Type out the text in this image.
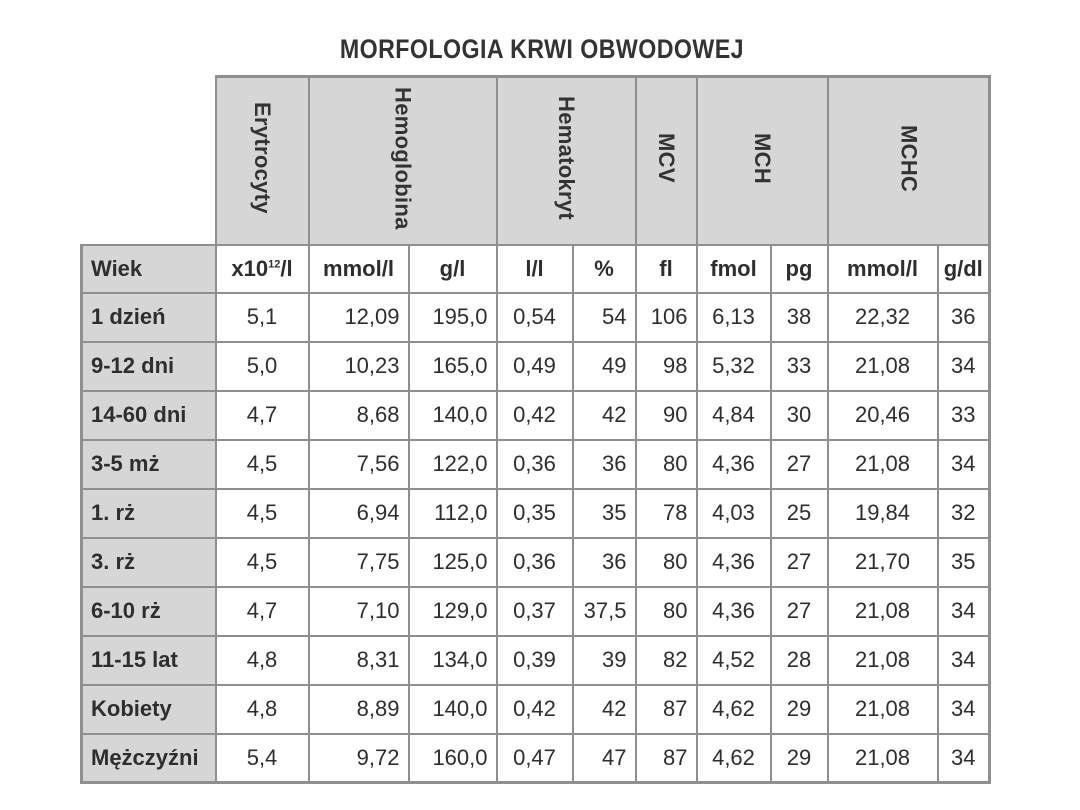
MORFOLOGIA KRWI OBWODOWEJ
	Erytrocyty	Hemoglobina		Hematokryt		MCV	MCH		MCHC	
Wiek	$x10^{12}/l$	mmol/l	g/l	l/l	%	fl	fmol	pg	mmol/l	g/dl
1 dzień	5,1	12,09	195,0	0,54	54	106	6,13	38	22,32	36
9-12 dni	5,0	10,23	165,0	0,49	49	98	5,32	33	21,08	34
14-60 dni	4,7	8,68	140,0	0,42	42	90	4,84	30	20,46	33
3-5 mż	4,5	7,56	122,0	0,36	36	80	4,36	27	21,08	34
1. rż	4,5	6,94	112,0	0,35	35	78	4,03	25	19,84	32
3. rż	4,5	7,75	125,0	0,36	36	80	4,36	27	21,70	35
6-10 rż	4,7	7,10	129,0	0,37	37,5	80	4,36	27	21,08	34
11-15 lat	4,8	8,31	134,0	0,39	39	82	4,52	28	21,08	34
Kobiety	4,8	8,89	140,0	0,42	42	87	4,62	29	21,08	34
Mężczyźni	5,4	9,72	160,0	0,47	47	87	4,62	29	21,08	34
